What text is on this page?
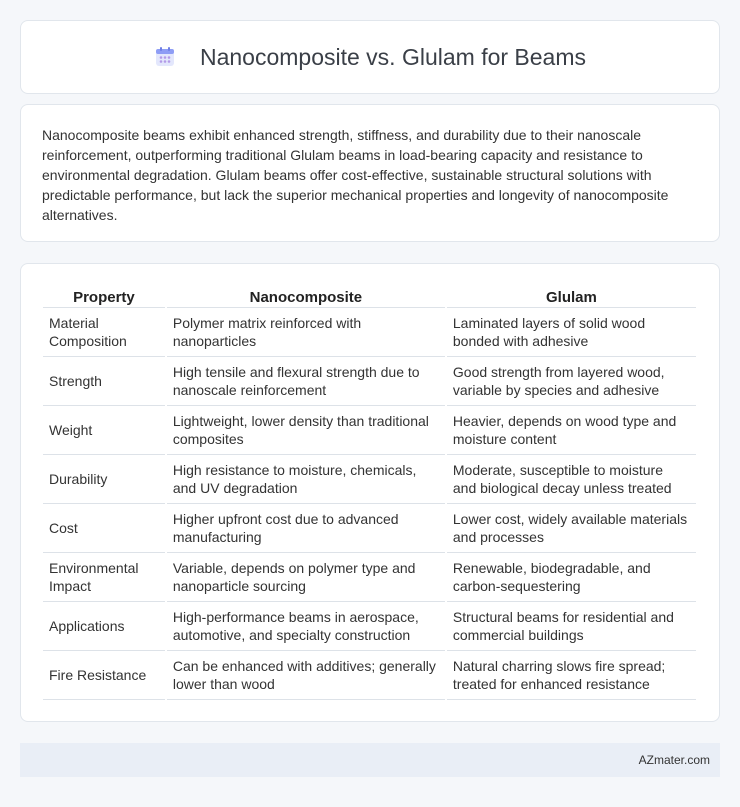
Nanocomposite vs. Glulam for Beams

Nanocomposite beams exhibit enhanced strength, stiffness, and durability due to their nanoscale reinforcement, outperforming traditional Glulam beams in load-bearing capacity and resistance to environmental degradation. Glulam beams offer cost-effective, sustainable structural solutions with predictable performance, but lack the superior mechanical properties and longevity of nanocomposite alternatives.

Property	Nanocomposite	Glulam
Material Composition	Polymer matrix reinforced with nanoparticles	Laminated layers of solid wood bonded with adhesive
Strength	High tensile and flexural strength due to nanoscale reinforcement	Good strength from layered wood, variable by species and adhesive
Weight	Lightweight, lower density than traditional composites	Heavier, depends on wood type and moisture content
Durability	High resistance to moisture, chemicals, and UV degradation	Moderate, susceptible to moisture and biological decay unless treated
Cost	Higher upfront cost due to advanced manufacturing	Lower cost, widely available materials and processes
Environmental Impact	Variable, depends on polymer type and nanoparticle sourcing	Renewable, biodegradable, and carbon-sequestering
Applications	High-performance beams in aerospace, automotive, and specialty construction	Structural beams for residential and commercial buildings
Fire Resistance	Can be enhanced with additives; generally lower than wood	Natural charring slows fire spread; treated for enhanced resistance
AZmater.com
